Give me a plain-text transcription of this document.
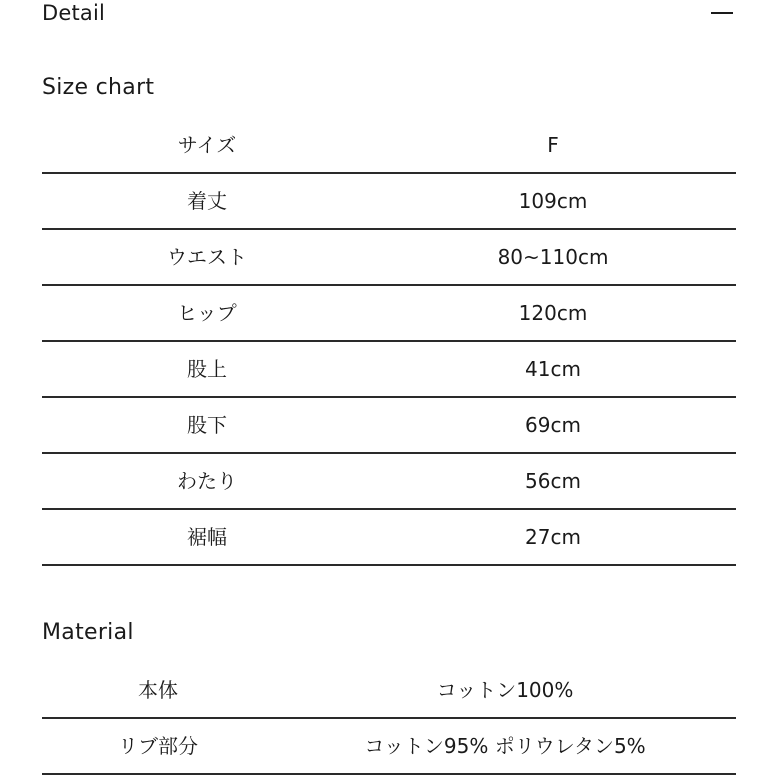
Detail
Size chart
サイズ	F
着丈	109cm
ウエスト	80~110cm
ヒップ	120cm
股上	41cm
股下	69cm
わたり	56cm
裾幅	27cm
Material
本体	コットン100%
リブ部分	コットン95% ポリウレタン5%
